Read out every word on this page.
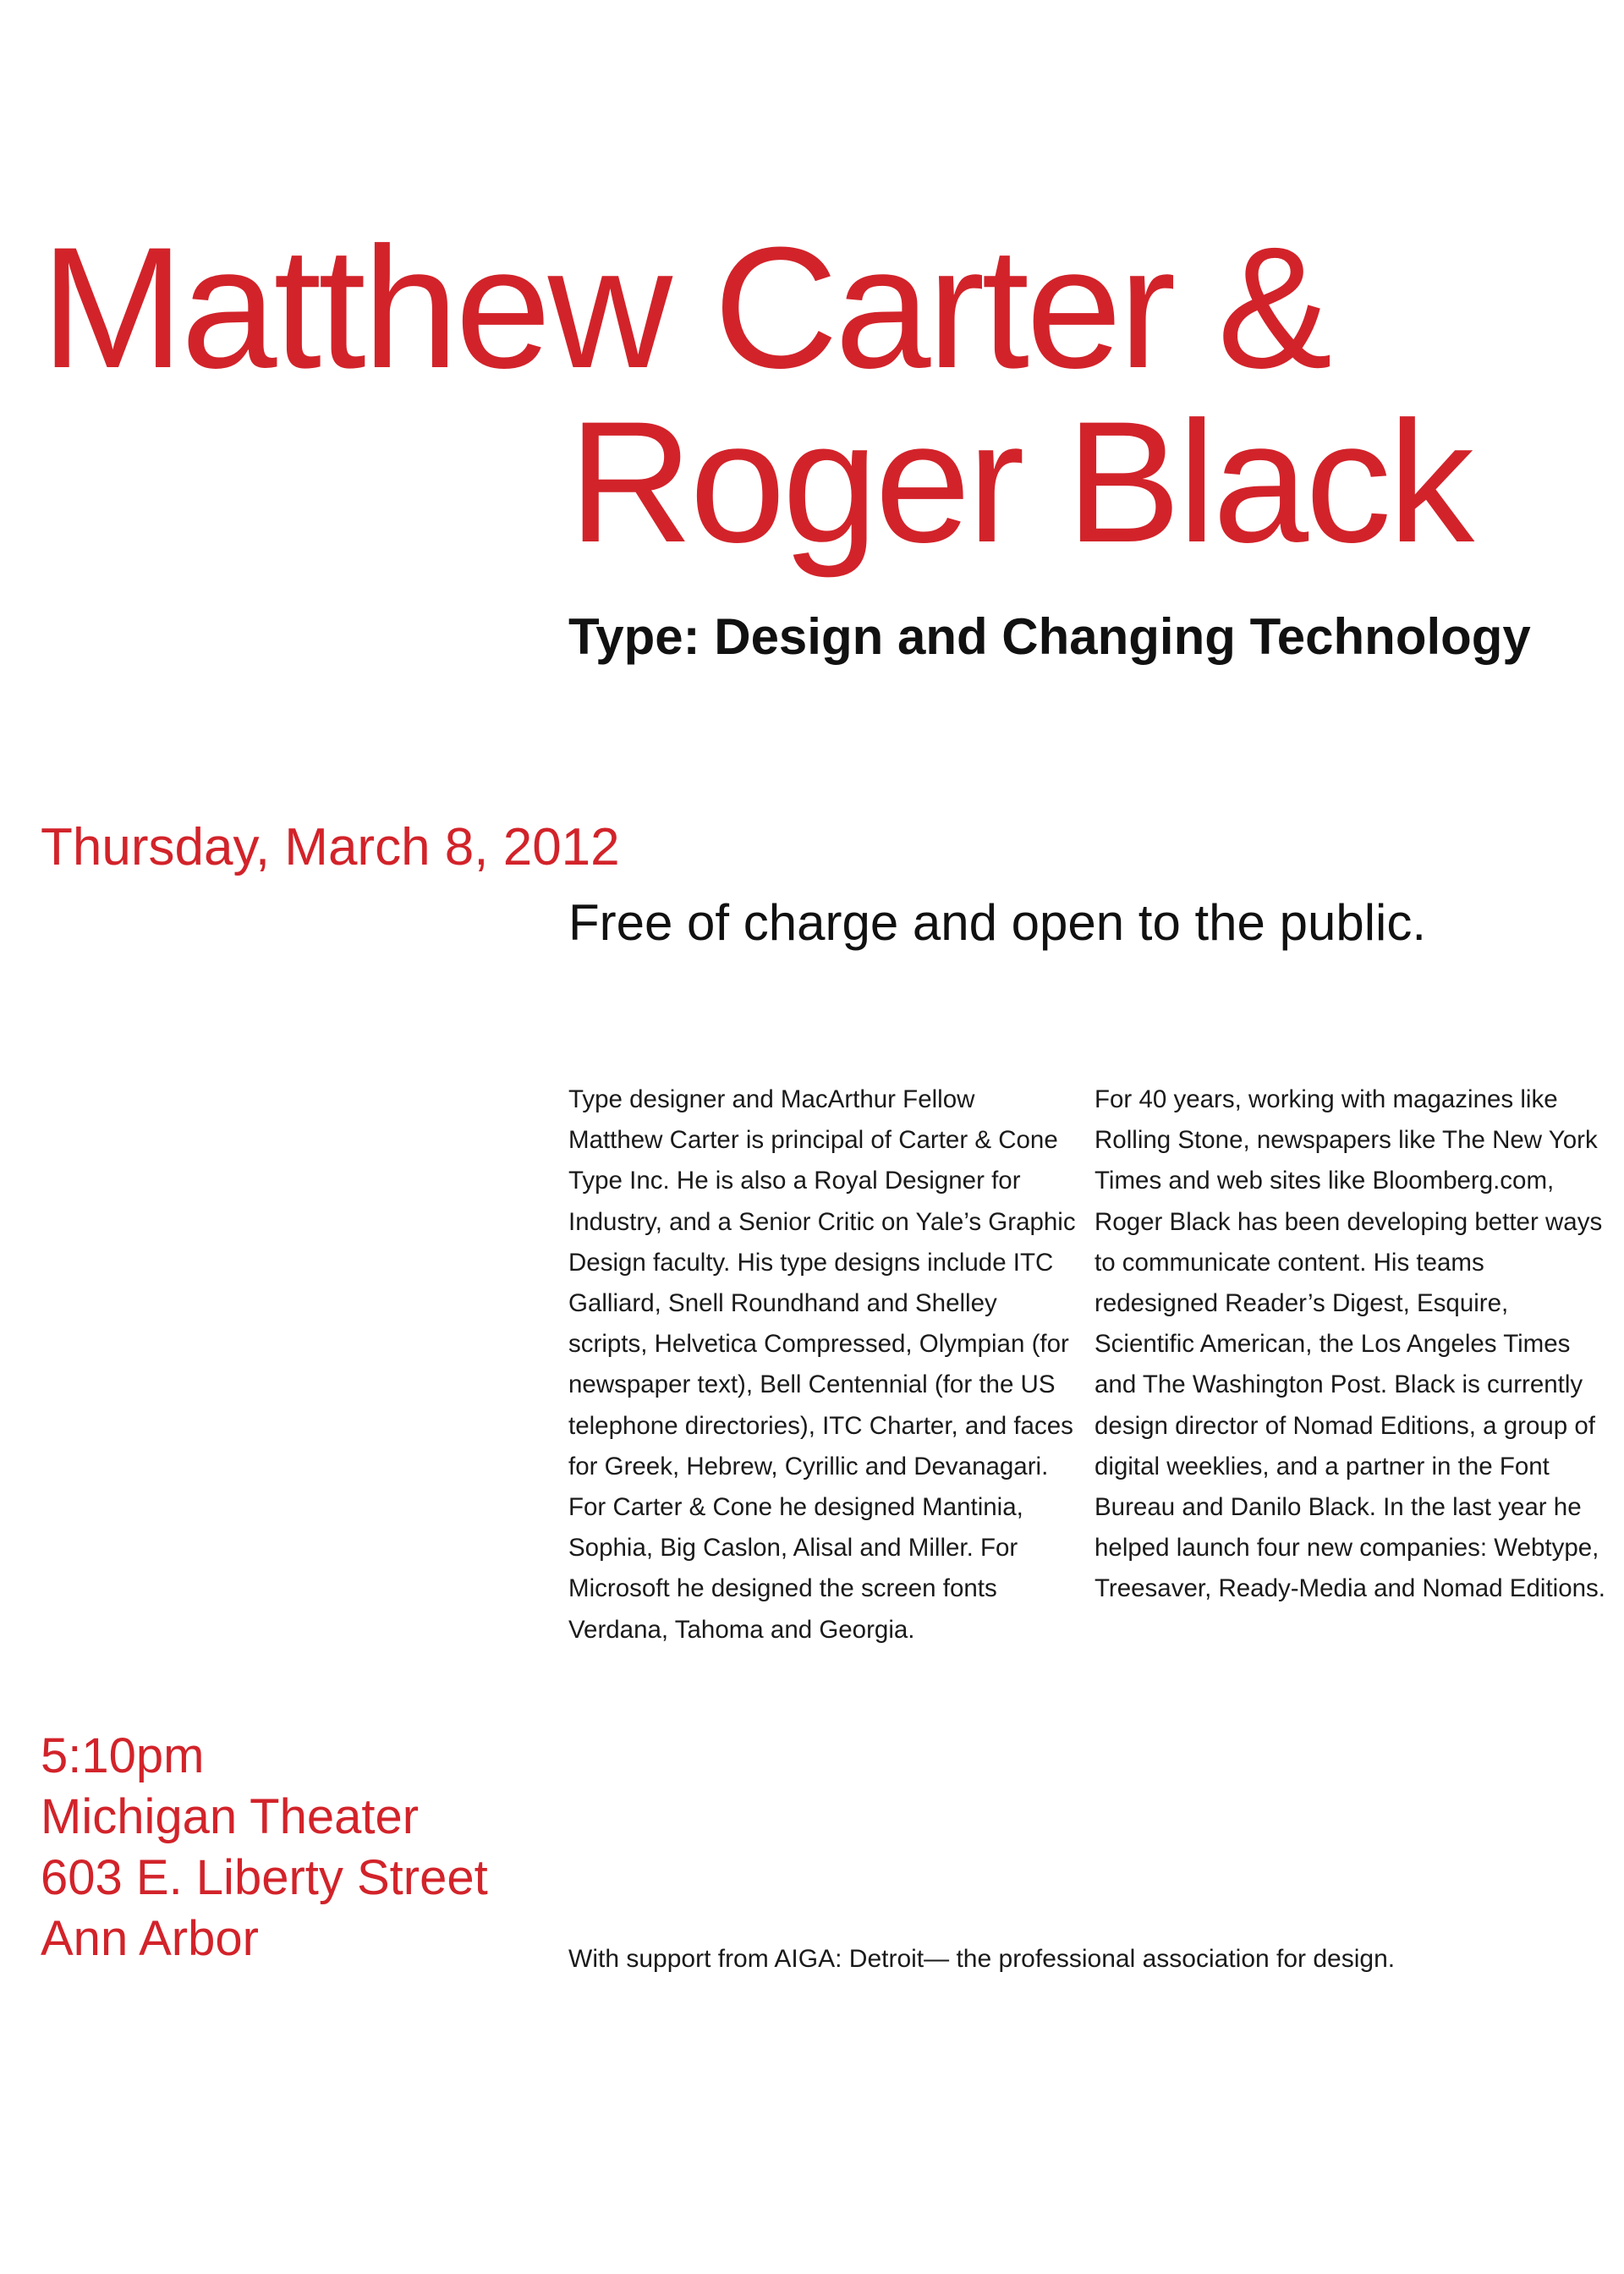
Matthew Carter &
Roger Black
Type: Design and Changing Technology
Thursday, March 8, 2012
Free of charge and open to the public.

Type designer and MacArthur Fellow Matthew Carter is principal of Carter & Cone Type Inc. He is also a Royal Designer for Industry, and a Senior Critic on Yale’s Graphic Design faculty. His type designs include ITC Galliard, Snell Roundhand and Shelley scripts, Helvetica Compressed, Olympian (for newspaper text), Bell Centennial (for the US telephone directories), ITC Charter, and faces for Greek, Hebrew, Cyrillic and Devanagari. For Carter & Cone he designed Mantinia, Sophia, Big Caslon, Alisal and Miller. For Microsoft he designed the screen fonts Verdana, Tahoma and Georgia.

For 40 years, working with magazines like Rolling Stone, newspapers like The New York Times and web sites like Bloomberg.com, Roger Black has been developing better ways to communicate content. His teams redesigned Reader’s Digest, Esquire, Scientific American, the Los Angeles Times and The Washington Post. Black is currently design director of Nomad Editions, a group of digital weeklies, and a partner in the Font Bureau and Danilo Black. In the last year he helped launch four new companies: Webtype, Treesaver, Ready-Media and Nomad Editions.

5:10pm
Michigan Theater
603 E. Liberty Street
Ann Arbor	With support from AIGA: Detroit— the professional association for design.
